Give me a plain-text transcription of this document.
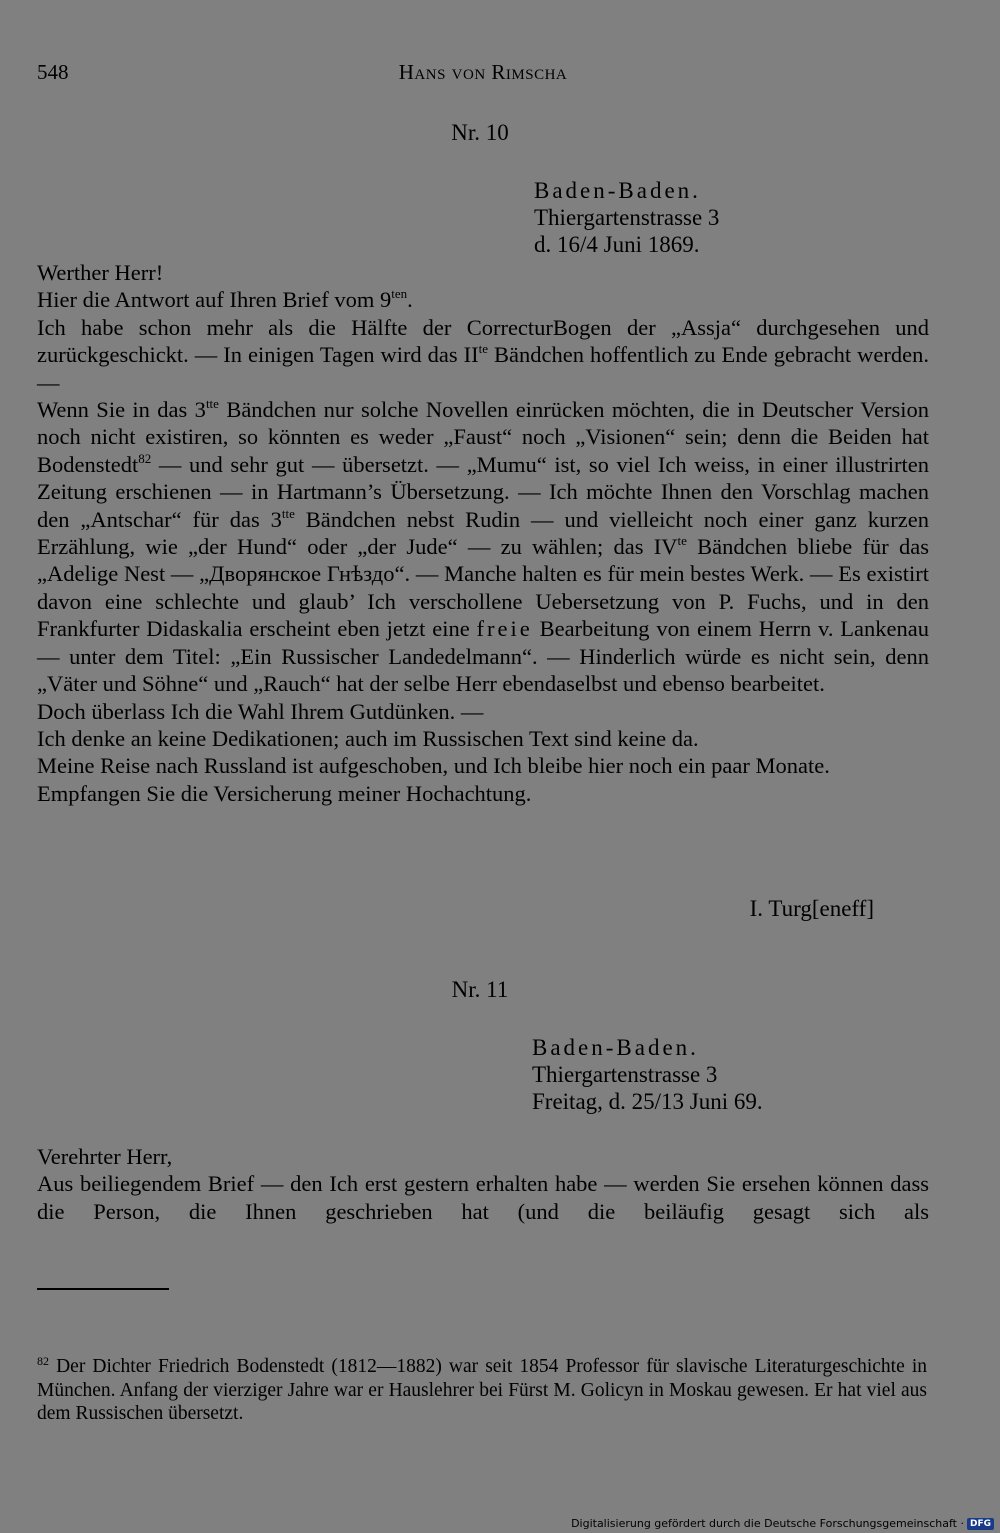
548	Hans von Rimscha
Nr. 10
Baden-Baden.
Thiergartenstrasse 3
d. 16/4 Juni 1869.

Werther Herr!

Hier die Antwort auf Ihren Brief vom $9^{ten}$.

Ich habe schon mehr als die Hälfte der CorrecturBogen der „Assja“ durchgesehen und zurückgeschickt. — In einigen Tagen wird das $II^{te}$ Bändchen hoffentlich zu Ende gebracht werden. —

Wenn Sie in das $3^{tte}$ Bändchen nur solche Novellen einrücken möchten, die in Deutscher Version noch nicht existiren, so könnten es weder „Faust“ noch „Visionen“ sein; denn die Beiden hat Bodenstedt$^{82}$ — und sehr gut — übersetzt. — „Mumu“ ist, so viel Ich weiss, in einer illustrirten Zeitung erschienen — in Hartmann’s Übersetzung. — Ich möchte Ihnen den Vorschlag machen den „Antschar“ für das $3^{tte}$ Bändchen nebst Rudin — und vielleicht noch einer ganz kurzen Erzählung, wie „der Hund“ oder „der Jude“ — zu wählen; das $IV^{te}$ Bändchen bliebe für das „Adelige Nest — „Дворянское Гнѣздо“. — Manche halten es für mein bestes Werk. — Es existirt davon eine schlechte und glaub’ Ich verschollene Uebersetzung von P. Fuchs, und in den Frankfurter Didaskalia erscheint eben jetzt eine freie Bearbeitung von einem Herrn v. Lankenau — unter dem Titel: „Ein Russischer Landedelmann“. — Hinderlich würde es nicht sein, denn „Väter und Söhne“ und „Rauch“ hat der selbe Herr ebendaselbst und ebenso bearbeitet.

Doch überlass Ich die Wahl Ihrem Gutdünken. —

Ich denke an keine Dedikationen; auch im Russischen Text sind keine da.

Meine Reise nach Russland ist aufgeschoben, und Ich bleibe hier noch ein paar Monate.

Empfangen Sie die Versicherung meiner Hochachtung.

I. Turg[eneff]
Nr. 11
Baden-Baden.
Thiergartenstrasse 3
Freitag, d. 25/13 Juni 69.

Verehrter Herr,

Aus beiliegendem Brief — den Ich erst gestern erhalten habe — werden Sie ersehen können dass die Person, die Ihnen geschrieben hat (und die beiläufig gesagt sich als

$^{82}$ Der Dichter Friedrich Bodenstedt (1812—1882) war seit 1854 Professor für slavische Literaturgeschichte in München. Anfang der vierziger Jahre war er Hauslehrer bei Fürst M. Golicyn in Moskau gewesen. Er hat viel aus dem Russischen übersetzt.

Digitalisierung gefördert durch die Deutsche Forschungsgemeinschaft · DFG
